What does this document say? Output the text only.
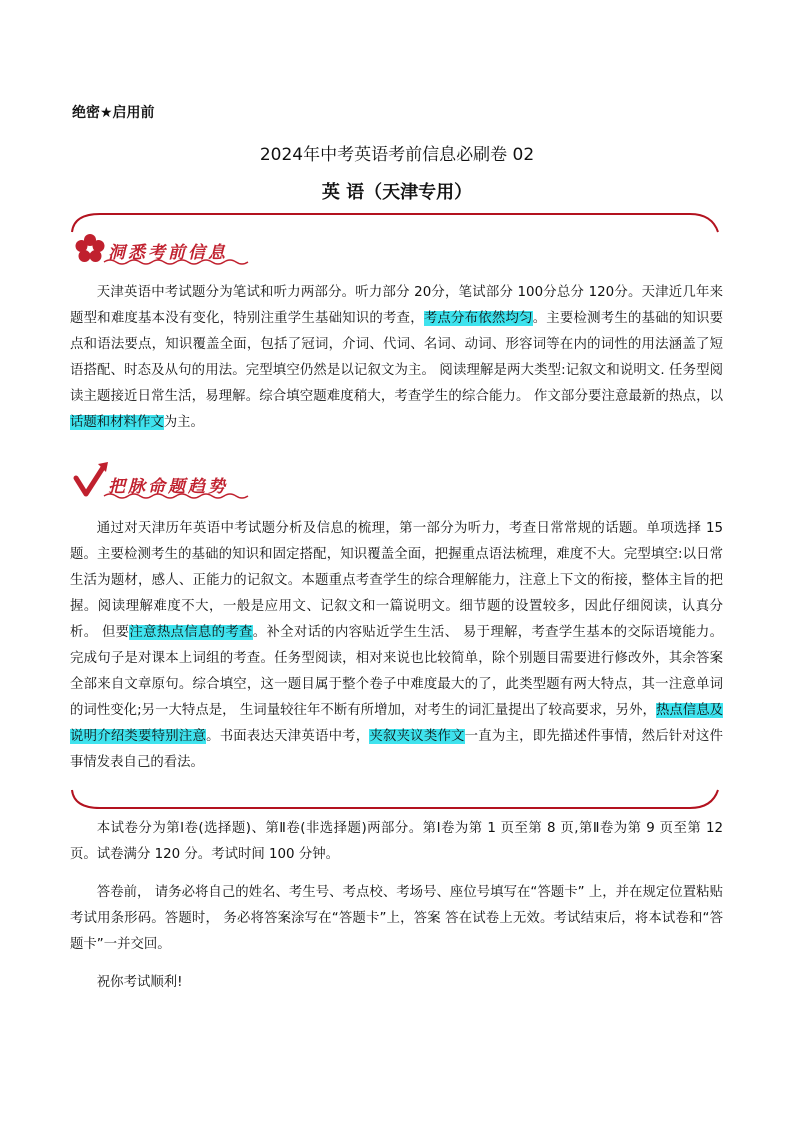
绝密★启用前
2024年中考英语考前信息必刷卷 02
英 语（天津专用）
洞悉考前信息
天津英语中考试题分为笔试和听力两部分。听力部分 20分，笔试部分 100分总分 120分。天津近几年来题型和难度基本没有变化，特别注重学生基础知识的考查，考点分布依然均匀。主要检测考生的基础的知识要点和语法要点，知识覆盖全面，包括了冠词，介词、代词、名词、动词、形容词等在内的词性的用法涵盖了短语搭配、时态及从句的用法。完型填空仍然是以记叙文为主。 阅读理解是两大类型:记叙文和说明文. 任务型阅读主题接近日常生活，易理解。综合填空题难度稍大，考查学生的综合能力。 作文部分要注意最新的热点，以话题和材料作文为主。
把脉命题趋势
通过对天津历年英语中考试题分析及信息的梳理，第一部分为听力，考查日常常规的话题。单项选择 15题。主要检测考生的基础的知识和固定搭配，知识覆盖全面，把握重点语法梳理，难度不大。完型填空:以日常生活为题材，感人、正能力的记叙文。本题重点考查学生的综合理解能力，注意上下文的衔接，整体主旨的把握。阅读理解难度不大，一般是应用文、记叙文和一篇说明文。细节题的设置较多，因此仔细阅读，认真分析。 但要注意热点信息的考查。补全对话的内容贴近学生生活、 易于理解，考查学生基本的交际语境能力。 完成句子是对课本上词组的考查。任务型阅读，相对来说也比较简单，除个别题目需要进行修改外，其余答案全部来自文章原句。综合填空，这一题目属于整个卷子中难度最大的了，此类型题有两大特点，其一注意单词的词性变化;另一大特点是， 生词量较往年不断有所增加，对考生的词汇量提出了较高要求，另外，热点信息及说明介绍类要特别注意。书面表达天津英语中考，夹叙夹议类作文一直为主，即先描述件事情，然后针对这件事情发表自己的看法。
本试卷分为第Ⅰ卷(选择题)、第Ⅱ卷(非选择题)两部分。第Ⅰ卷为第 1 页至第 8 页,第Ⅱ卷为第 9 页至第 12 页。试卷满分 120 分。考试时间 100 分钟。
答卷前， 请务必将自己的姓名、考生号、考点校、考场号、座位号填写在“答题卡” 上，并在规定位置粘贴考试用条形码。答题时， 务必将答案涂写在“答题卡”上，答案 答在试卷上无效。考试结束后，将本试卷和“答题卡”一并交回。
祝你考试顺利!
